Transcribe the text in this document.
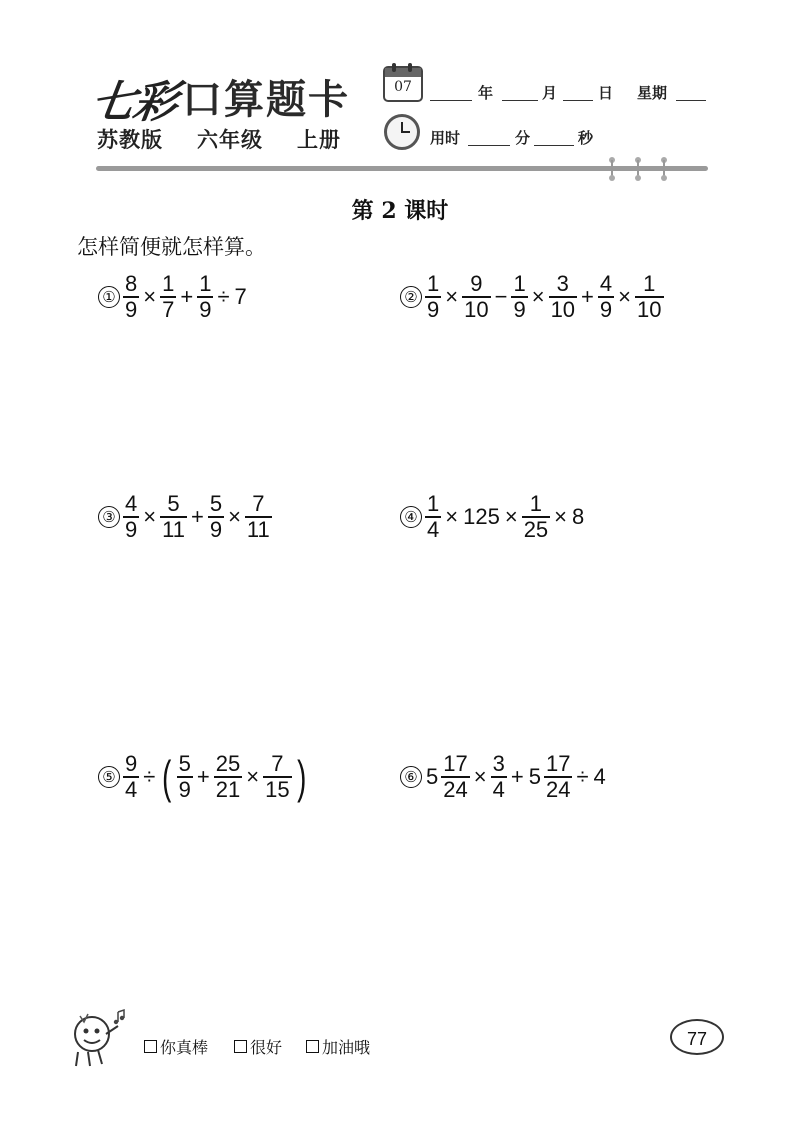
七彩 口算题卡
苏教版 六年级 上册
07	年	月	日 星期
用时	分	秒
第 2 课时
怎样简便就怎样算。
① $\frac{8}{9} \times \frac{1}{7} + \frac{1}{9} \div 7$	② $\frac{1}{9} \times \frac{9}{10} - \frac{1}{9} \times \frac{3}{10} + \frac{4}{9} \times \frac{1}{10}$
③ $\frac{4}{9} \times \frac{5}{11} + \frac{5}{9} \times \frac{7}{11}$	④ $\frac{1}{4} \times 125 \times \frac{1}{25} \times 8$
⑤ $\frac{9}{4}$ ÷ ( $\frac{5}{9} + \frac{25}{21} \times \frac{7}{15}$ )	⑥ $5 \frac{17}{24} \times \frac{3}{4} + 5 \frac{17}{24} \div 4$
你真棒	很好 加油哦	77
